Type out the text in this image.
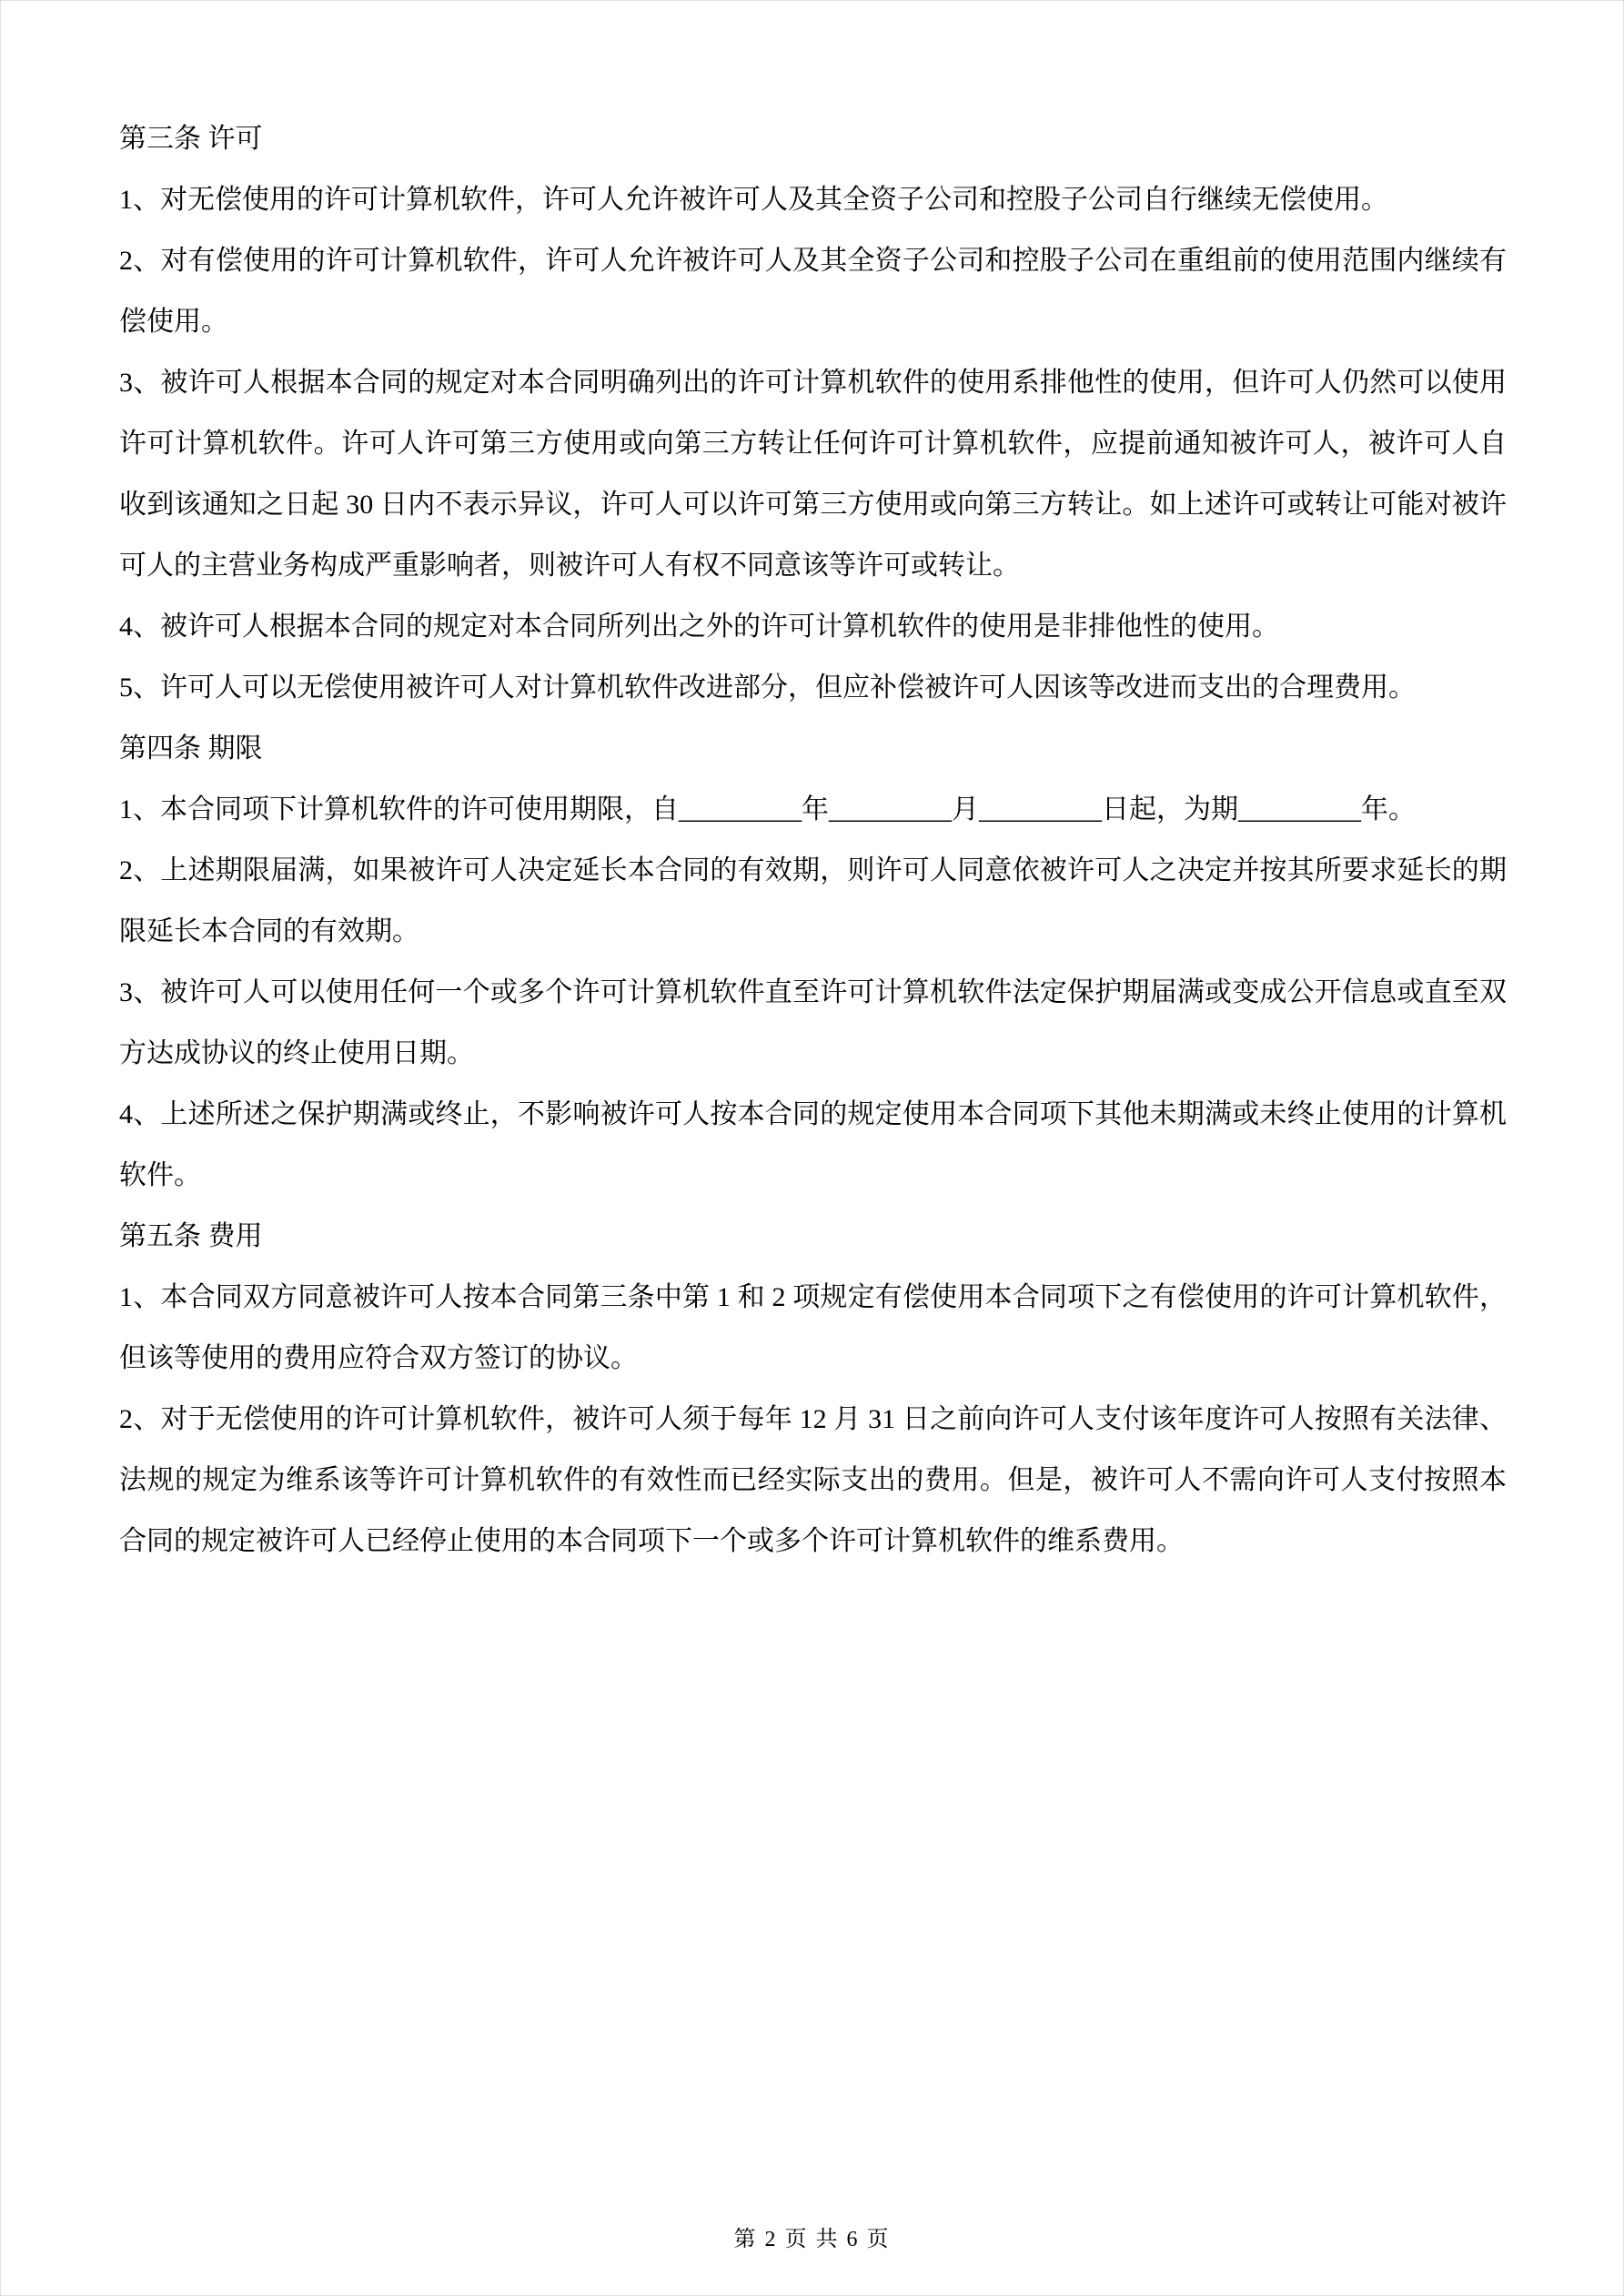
第三条 许可

1、对无偿使用的许可计算机软件，许可人允许被许可人及其全资子公司和控股子公司自行继续无偿使用。

2、对有偿使用的许可计算机软件，许可人允许被许可人及其全资子公司和控股子公司在重组前的使用范围内继续有偿使用。

3、被许可人根据本合同的规定对本合同明确列出的许可计算机软件的使用系排他性的使用，但许可人仍然可以使用许可计算机软件。许可人许可第三方使用或向第三方转让任何许可计算机软件，应提前通知被许可人，被许可人自收到该通知之日起 30 日内不表示异议，许可人可以许可第三方使用或向第三方转让。如上述许可或转让可能对被许可人的主营业务构成严重影响者，则被许可人有权不同意该等许可或转让。

4、被许可人根据本合同的规定对本合同所列出之外的许可计算机软件的使用是非排他性的使用。

5、许可人可以无偿使用被许可人对计算机软件改进部分，但应补偿被许可人因该等改进而支出的合理费用。

第四条 期限

1、本合同项下计算机软件的许可使用期限，自_________年_________月_________日起，为期_________年。

2、上述期限届满，如果被许可人决定延长本合同的有效期，则许可人同意依被许可人之决定并按其所要求延长的期限延长本合同的有效期。

3、被许可人可以使用任何一个或多个许可计算机软件直至许可计算机软件法定保护期届满或变成公开信息或直至双方达成协议的终止使用日期。

4、上述所述之保护期满或终止，不影响被许可人按本合同的规定使用本合同项下其他未期满或未终止使用的计算机软件。

第五条 费用

1、本合同双方同意被许可人按本合同第三条中第 1 和 2 项规定有偿使用本合同项下之有偿使用的许可计算机软件，但该等使用的费用应符合双方签订的协议。

2、对于无偿使用的许可计算机软件，被许可人须于每年 12 月 31 日之前向许可人支付该年度许可人按照有关法律、法规的规定为维系该等许可计算机软件的有效性而已经实际支出的费用。但是，被许可人不需向许可人支付按照本合同的规定被许可人已经停止使用的本合同项下一个或多个许可计算机软件的维系费用。

第 2 页 共 6 页
